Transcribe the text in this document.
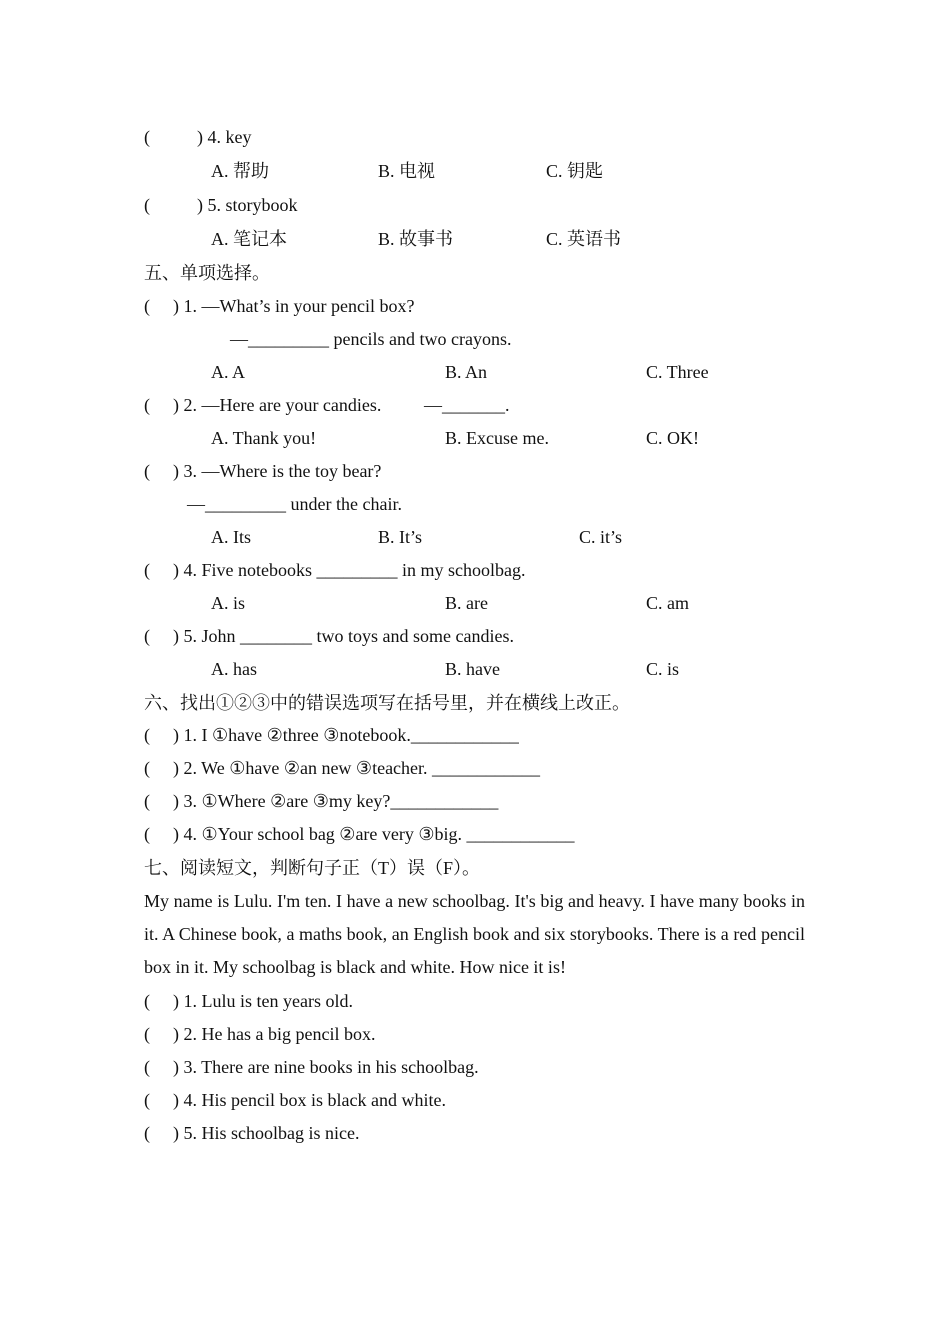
(	) 4. key
A. 帮助	B. 电视	C. 钥匙
(	) 5. storybook
A. 笔记本	B. 故事书	C. 英语书
五、单项选择。
( ) 1. —What’s in your pencil box?
—_________ pencils and two crayons.
A. A	B. An	C. Three
( ) 2. —Here are your candies. —_______.
A. Thank you!	B. Excuse me.	C. OK!
( ) 3. —Where is the toy bear?
—_________ under the chair.
A. Its	B. It’s	C. it’s
( ) 4. Five notebooks _________ in my schoolbag.
A. is	B. are	C. am
( ) 5. John ________ two toys and some candies.
A. has	B. have	C. is
六、找出①②③中的错误选项写在括号里，并在横线上改正。
( ) 1. I ①have ②three ③notebook.____________
( ) 2. We ①have ②an new ③teacher. ____________
( ) 3. ①Where ②are ③my key?____________
( ) 4. ①Your school bag ②are very ③big. ____________
七、阅读短文，判断句子正（T）误（F）。
My name is Lulu. I'm ten. I have a new schoolbag. It's big and heavy. I have many books in it. A Chinese book, a maths book, an English book and six storybooks. There is a red pencil box in it. My schoolbag is black and white. How nice it is!
( ) 1. Lulu is ten years old.
( ) 2. He has a big pencil box.
( ) 3. There are nine books in his schoolbag.
( ) 4. His pencil box is black and white.
( ) 5. His schoolbag is nice.
